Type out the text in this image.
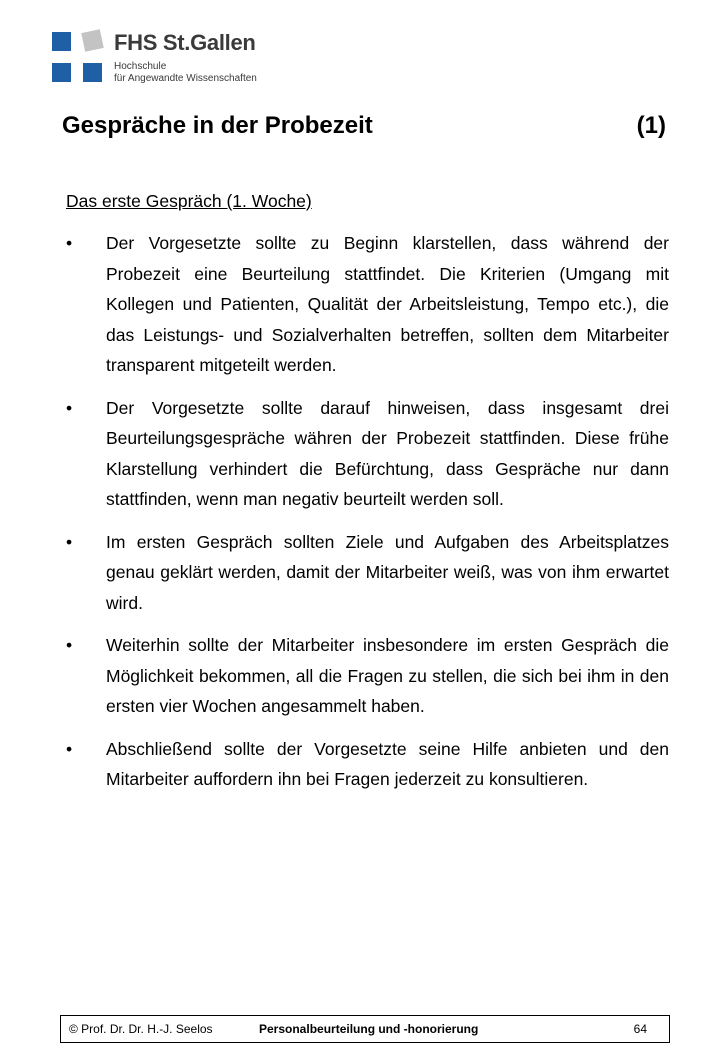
FHS St.Gallen
Hochschule
für Angewandte Wissenschaften
Gespräche in der Probezeit	(1)
Das erste Gespräch (1. Woche)
• Der Vorgesetzte sollte zu Beginn klarstellen, dass während der Probezeit eine Beurteilung stattfindet. Die Kriterien (Umgang mit Kollegen und Patienten, Qualität der Arbeitsleistung, Tempo etc.), die das Leistungs- und Sozialverhalten betreffen, sollten dem Mitarbeiter transparent mitgeteilt werden.
• Der Vorgesetzte sollte darauf hinweisen, dass insgesamt drei Beurteilungsgespräche währen der Probezeit stattfinden. Diese frühe Klarstellung verhindert die Befürchtung, dass Gespräche nur dann stattfinden, wenn man negativ beurteilt werden soll.
• Im ersten Gespräch sollten Ziele und Aufgaben des Arbeitsplatzes genau geklärt werden, damit der Mitarbeiter weiß, was von ihm erwartet wird.
• Weiterhin sollte der Mitarbeiter insbesondere im ersten Gespräch die Möglichkeit bekommen, all die Fragen zu stellen, die sich bei ihm in den ersten vier Wochen angesammelt haben.
• Abschließend sollte der Vorgesetzte seine Hilfe anbieten und den Mitarbeiter auffordern ihn bei Fragen jederzeit zu konsultieren.
© Prof. Dr. Dr. H.-J. Seelos	Personalbeurteilung und -honorierung	64
